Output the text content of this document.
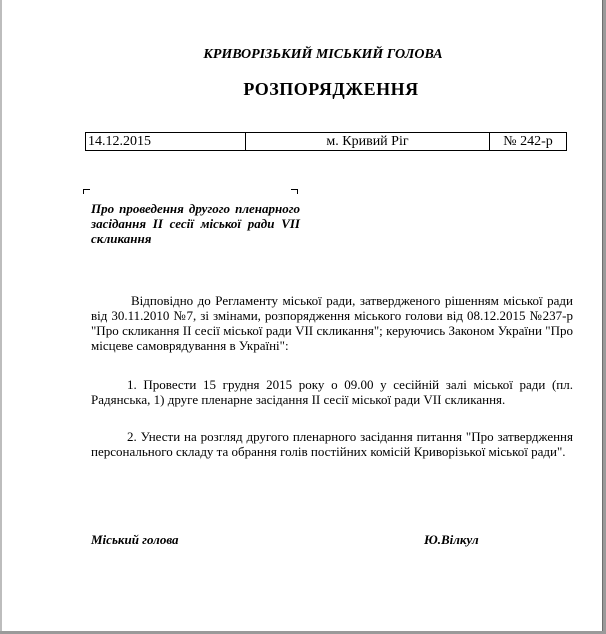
КРИВОРІЗЬКИЙ МІСЬКИЙ ГОЛОВА
РОЗПОРЯДЖЕННЯ
14.12.2015	м. Кривий Ріг	№ 242-р
Про проведення другого пленарного засідання ІІ сесії міської ради VІІ скликання
Відповідно до Регламенту міської ради, затвердженого рішенням міської ради від 30.11.2010 №7, зі змінами, розпорядження міського голови від 08.12.2015 №237-р "Про скликання ІІ сесії міської ради VІІ скликання"; керуючись Законом України "Про місцеве самоврядування в Україні":
1. Провести 15 грудня 2015 року о 09.00 у сесійній залі міської ради (пл. Радянська, 1) друге пленарне засідання ІІ сесії міської ради VІІ скликання.
2. Унести на розгляд другого пленарного засідання питання "Про затвердження персонального складу та обрання голів постійних комісій Криворізької міської ради".
Міський голова	Ю.Вілкул
